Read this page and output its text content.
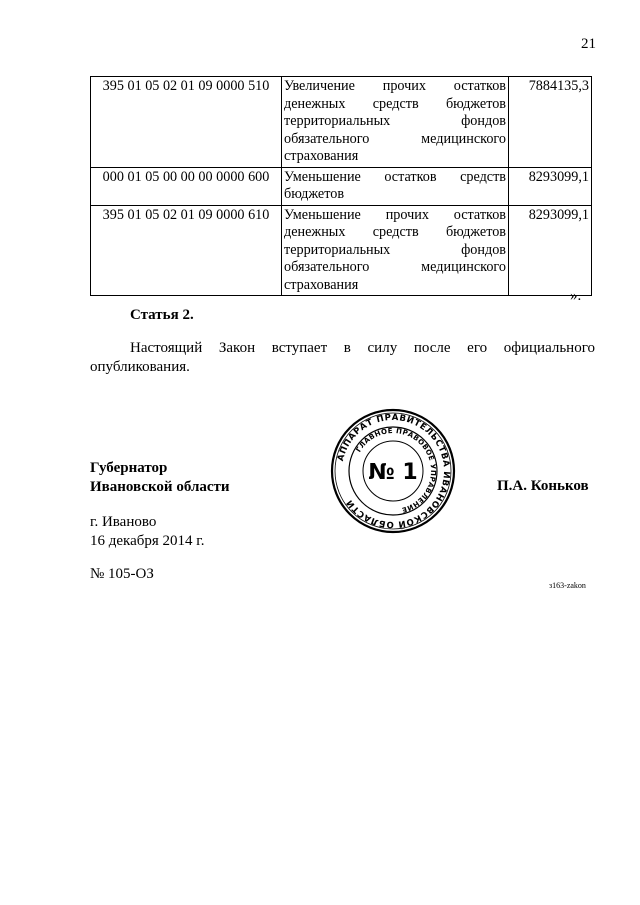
21
395 01 05 02 01 09 0000 510	Увеличение прочих остатков
денежных средств бюджетов
территориальных фондов
обязательного медицинского
страхования	7884135,3
000 01 05 00 00 00 0000 600	Уменьшение остатков средств
бюджетов	8293099,1
395 01 05 02 01 09 0000 610	Уменьшение прочих остатков
денежных средств бюджетов
территориальных фондов
обязательного медицинского
страхования	8293099,1
».
Статья 2.
Настоящий Закон вступает в силу после его официального
опубликования.
Губернатор
Ивановской области
АППАРАТ ПРАВИТЕЛЬСТВА ИВАНОВСКОЙ ОБЛАСТИ
ГЛАВНОЕ ПРАВОВОЕ УПРАВЛЕНИЕ
№ 1
П.А. Коньков
г. Иваново
16 декабря 2014 г.
№ 105-ОЗ
з163-zakon
